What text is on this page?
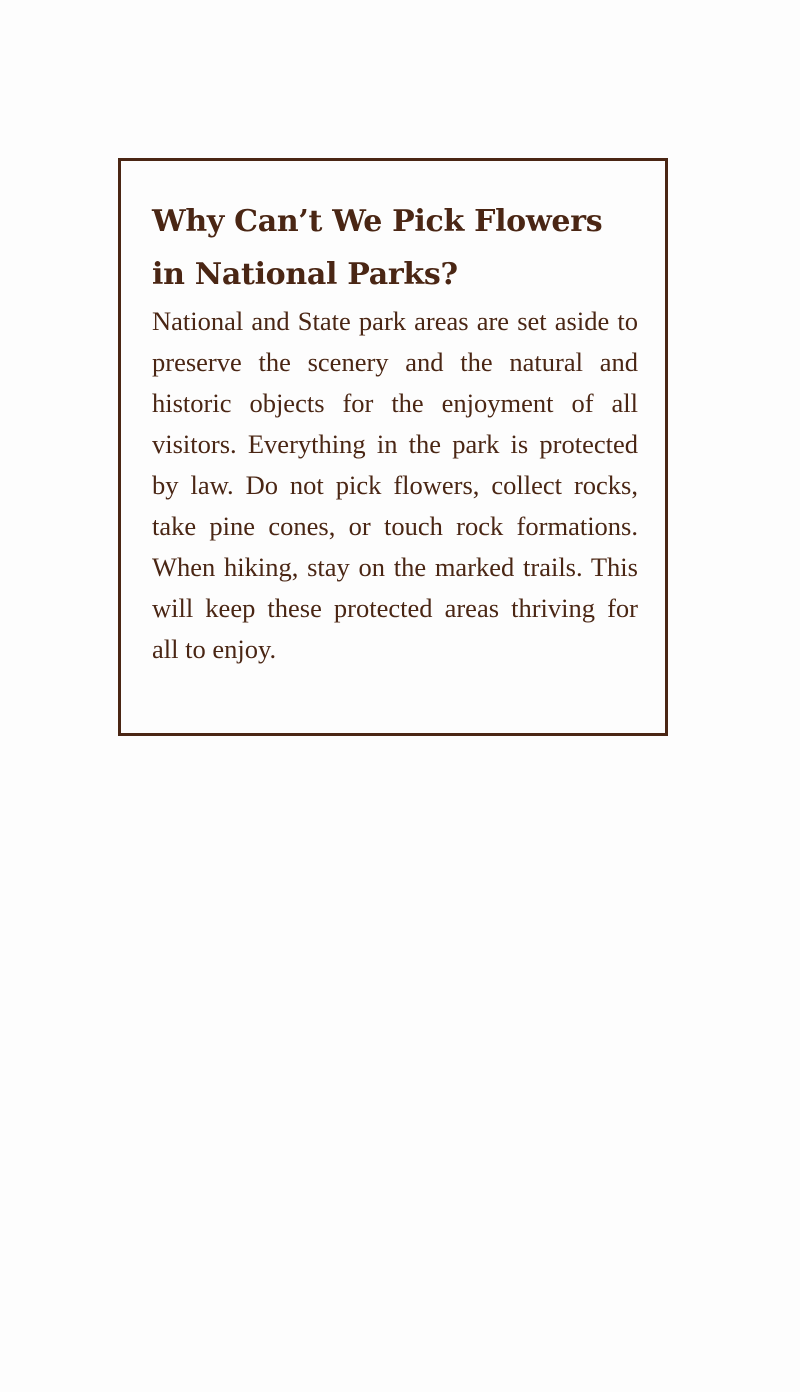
Why Can’t We Pick Flowers in National Parks?

National and State park areas are set aside to preserve the scenery and the natural and historic objects for the enjoyment of all visitors. Everything in the park is protected by law. Do not pick flowers, collect rocks, take pine cones, or touch rock formations. When hiking, stay on the marked trails. This will keep these protected areas thriving for all to enjoy.
